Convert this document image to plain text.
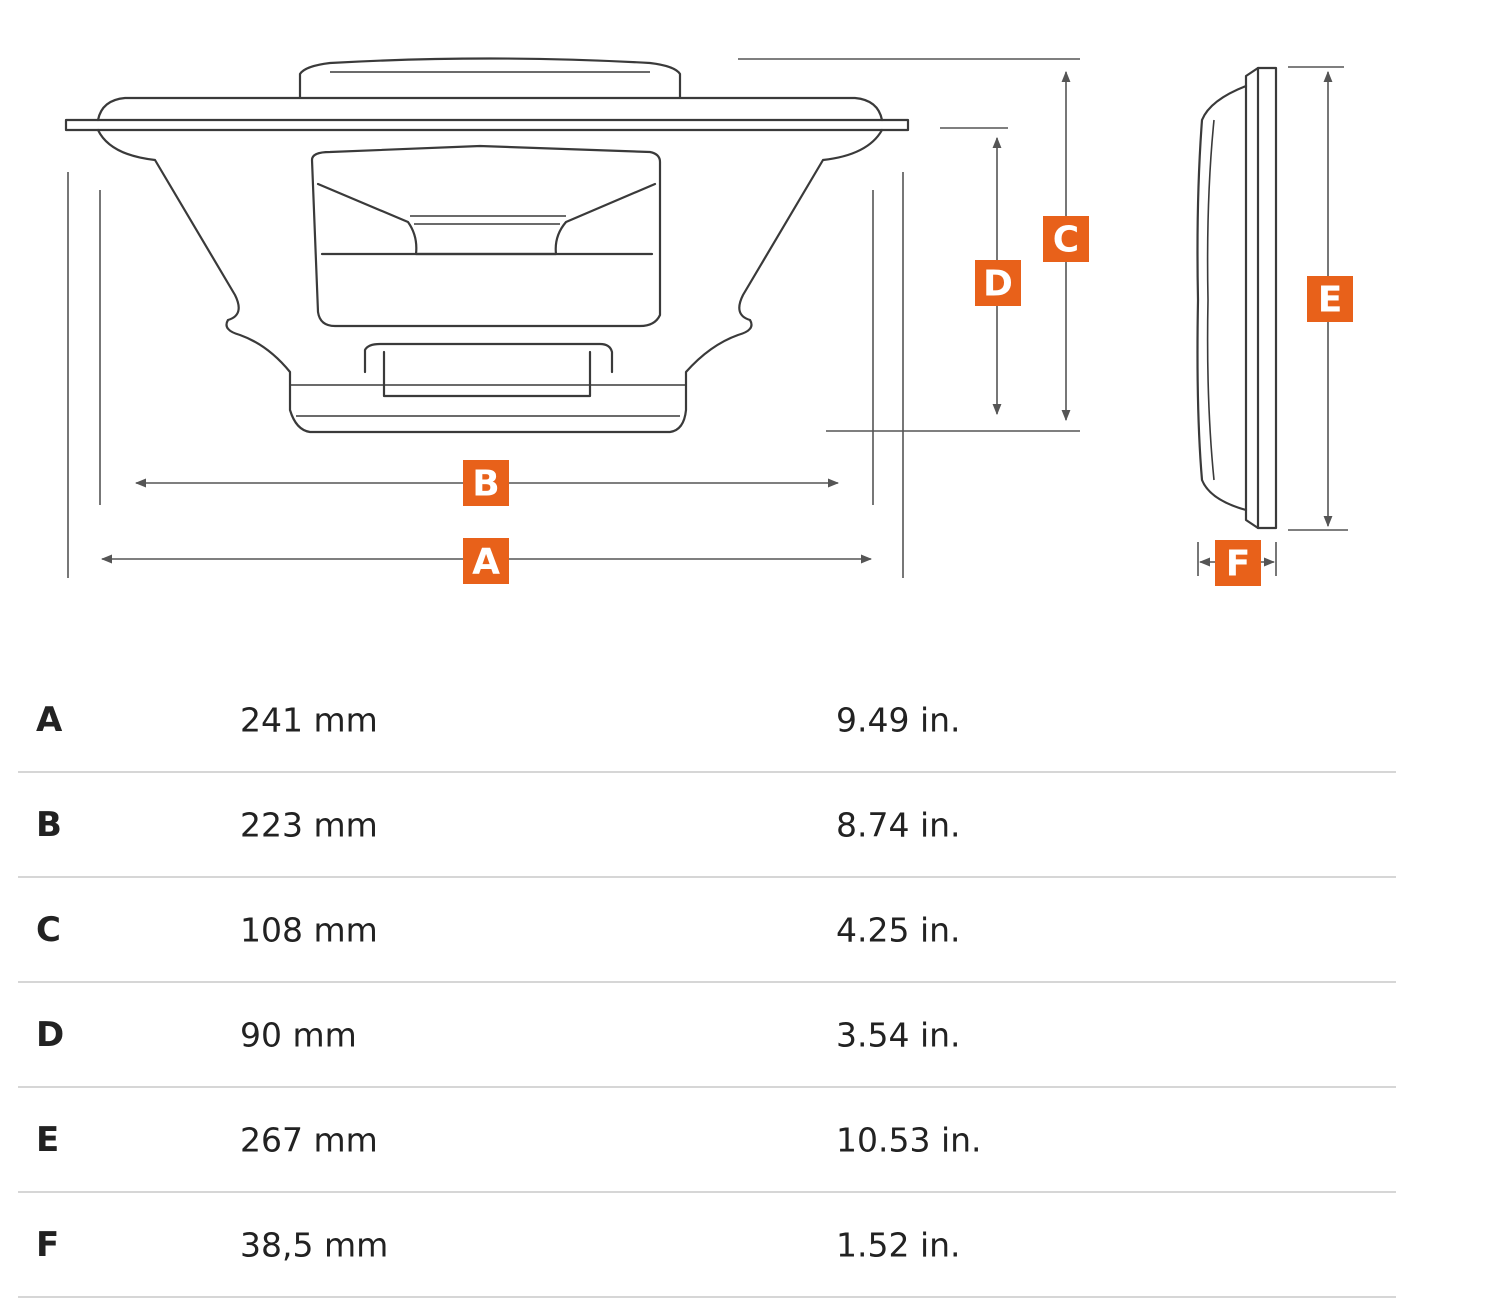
B
A
C
D	E
F
A	241 mm	9.49 in.
B	223 mm	8.74 in.
C	108 mm	4.25 in.
D	90 mm	3.54 in.
E	267 mm	10.53 in.
F	38,5 mm	1.52 in.
